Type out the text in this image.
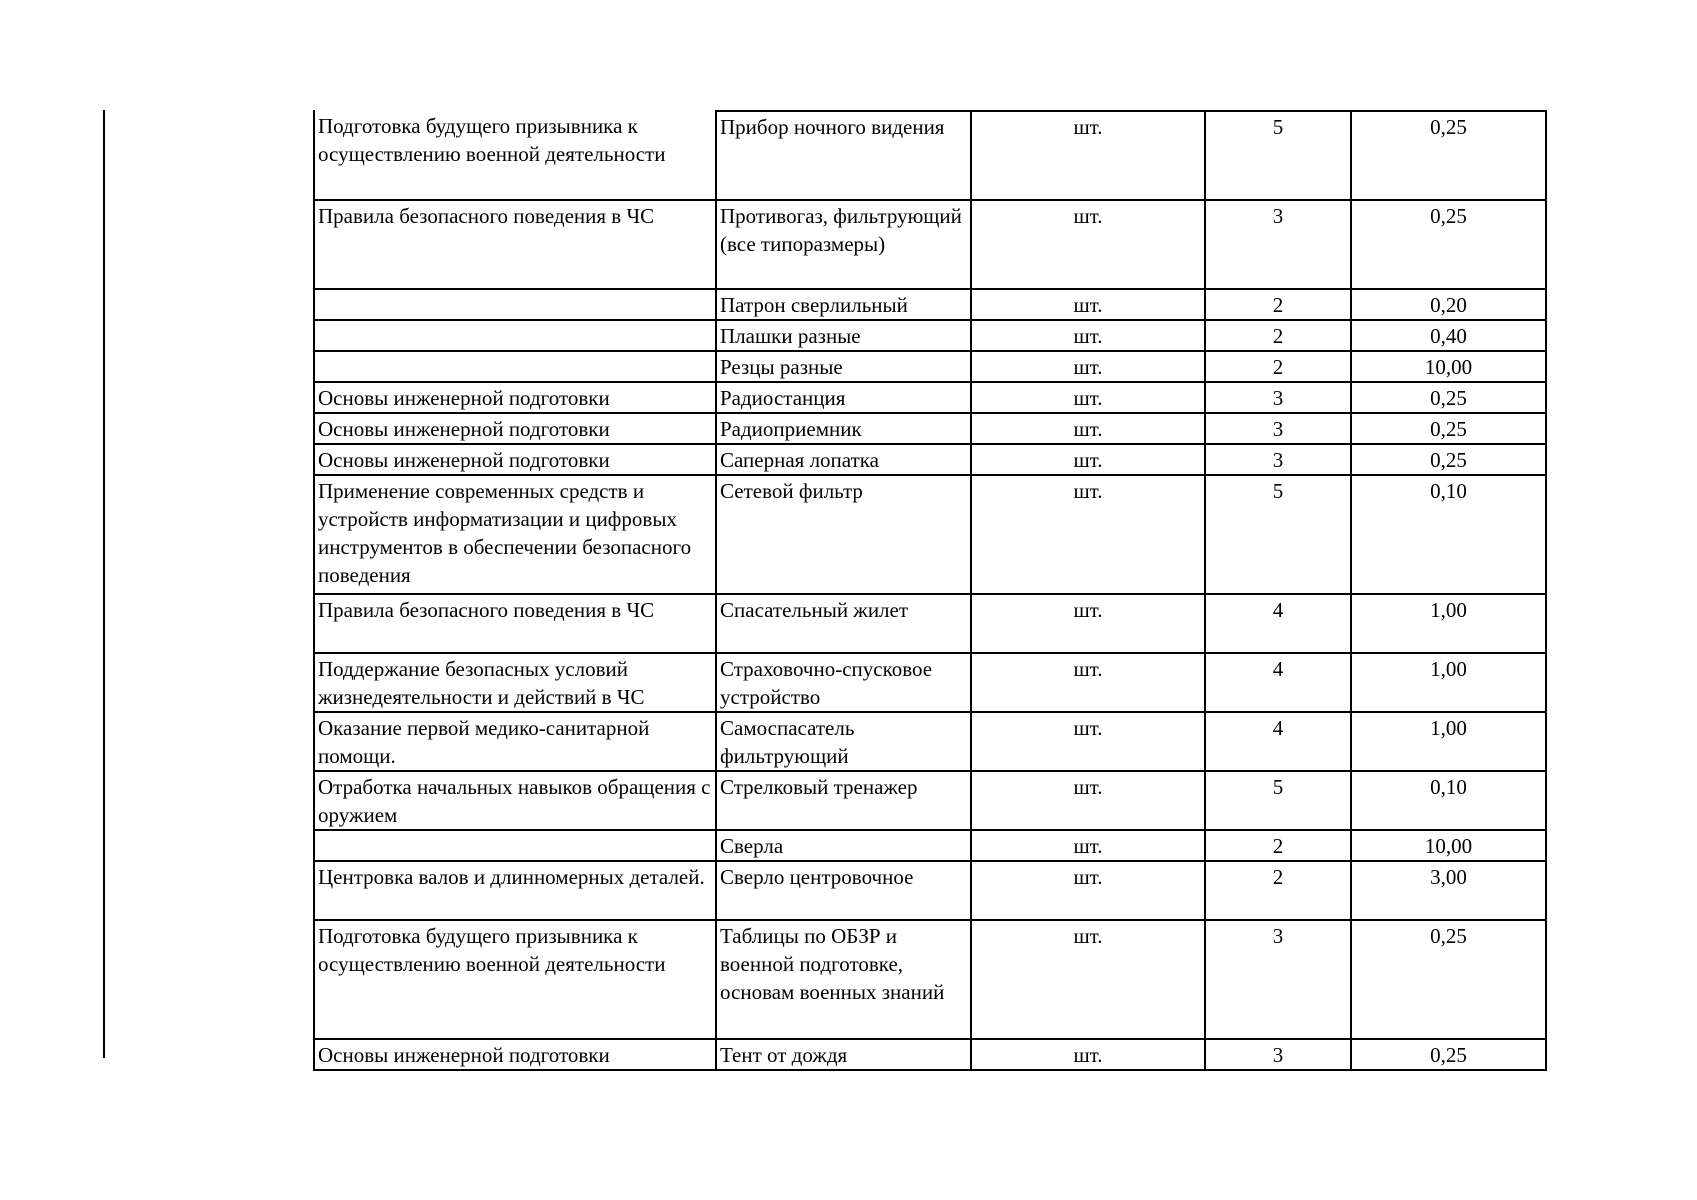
Подготовка будущего призывника к осуществлению военной деятельности	Прибор ночного видения	шт.	5	0,25
Правила безопасного поведения в ЧС	Противогаз, фильтрующий (все типоразмеры)	шт.	3	0,25
	Патрон сверлильный	шт.	2	0,20
	Плашки разные	шт.	2	0,40
	Резцы разные	шт.	2	10,00
Основы инженерной подготовки	Радиостанция	шт.	3	0,25
Основы инженерной подготовки	Радиоприемник	шт.	3	0,25
Основы инженерной подготовки	Саперная лопатка	шт.	3	0,25
Применение современных средств и устройств информатизации и цифровых инструментов в обеспечении безопасного поведения	Сетевой фильтр	шт.	5	0,10
Правила безопасного поведения в ЧС	Спасательный жилет	шт.	4	1,00
Поддержание безопасных условий жизнедеятельности и действий в ЧС	Страховочно-спусковое устройство	шт.	4	1,00
Оказание первой медико-санитарной помощи.	Самоспасатель фильтрующий	шт.	4	1,00
Отработка начальных навыков обращения с оружием	Стрелковый тренажер	шт.	5	0,10
	Сверла	шт.	2	10,00
Центровка валов и длинномерных деталей.	Сверло центровочное	шт.	2	3,00
Подготовка будущего призывника к осуществлению военной деятельности	Таблицы по ОБЗР и военной подготовке, основам военных знаний	шт.	3	0,25
Основы инженерной подготовки	Тент от дождя	шт.	3	0,25
